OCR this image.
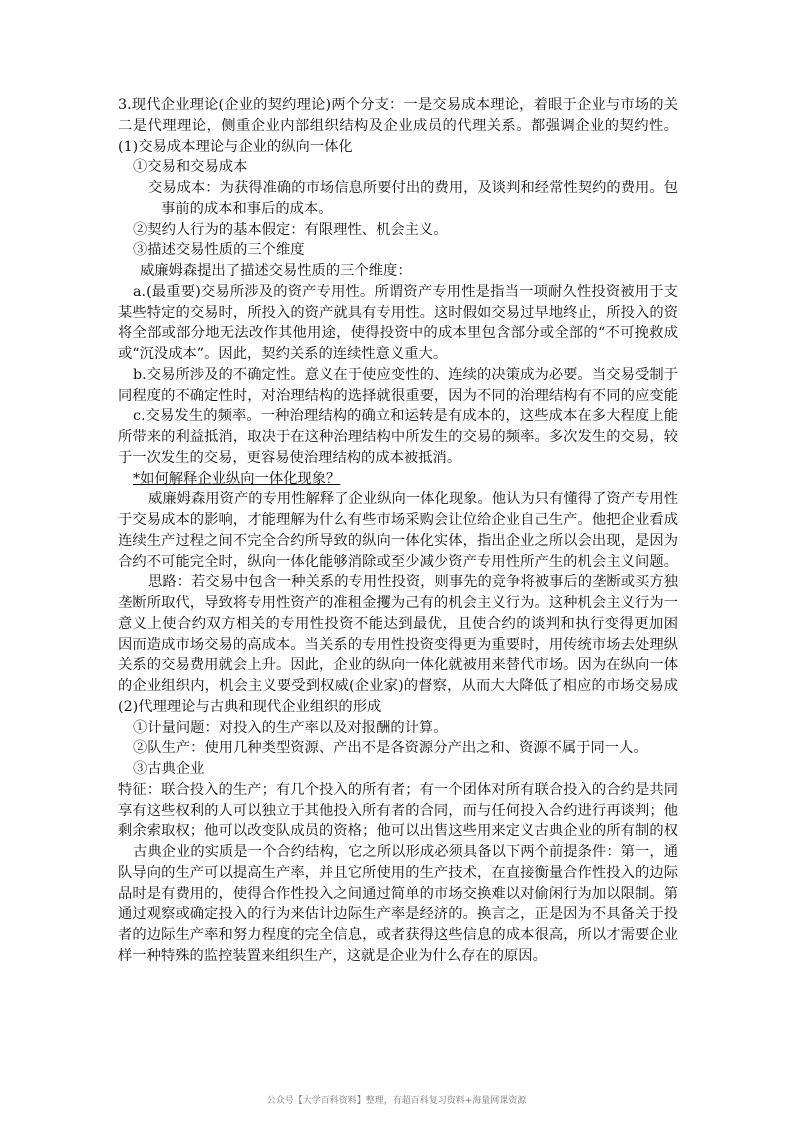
3.现代企业理论(企业的契约理论)两个分支：一是交易成本理论，着眼于企业与市场的关
二是代理理论，侧重企业内部组织结构及企业成员的代理关系。都强调企业的契约性。
(1)交易成本理论与企业的纵向一体化
①交易和交易成本
交易成本：为获得准确的市场信息所要付出的费用，及谈判和经常性契约的费用。包
事前的成本和事后的成本。
②契约人行为的基本假定：有限理性、机会主义。
③描述交易性质的三个维度
威廉姆森提出了描述交易性质的三个维度：
a.(最重要)交易所涉及的资产专用性。所谓资产专用性是指当一项耐久性投资被用于支
某些特定的交易时，所投入的资产就具有专用性。这时假如交易过早地终止，所投入的资
将全部或部分地无法改作其他用途，使得投资中的成本里包含部分或全部的“不可挽救成
或“沉没成本”。因此，契约关系的连续性意义重大。
b.交易所涉及的不确定性。意义在于使应变性的、连续的决策成为必要。当交易受制于
同程度的不确定性时，对治理结构的选择就很重要，因为不同的治理结构有不同的应变能
c.交易发生的频率。一种治理结构的确立和运转是有成本的，这些成本在多大程度上能
所带来的利益抵消，取决于在这种治理结构中所发生的交易的频率。多次发生的交易，较
于一次发生的交易，更容易使治理结构的成本被抵消。
*如何解释企业纵向一体化现象？
威廉姆森用资产的专用性解释了企业纵向一体化现象。他认为只有懂得了资产专用性
于交易成本的影响，才能理解为什么有些市场采购会让位给企业自己生产。他把企业看成
连续生产过程之间不完全合约所导致的纵向一体化实体，指出企业之所以会出现，是因为
合约不可能完全时，纵向一体化能够消除或至少减少资产专用性所产生的机会主义问题。
思路：若交易中包含一种关系的专用性投资，则事先的竞争将被事后的垄断或买方独
垄断所取代，导致将专用性资产的准租金攫为己有的机会主义行为。这种机会主义行为一
意义上使合约双方相关的专用性投资不能达到最优，且使合约的谈判和执行变得更加困
因而造成市场交易的高成本。当关系的专用性投资变得更为重要时，用传统市场去处理纵
关系的交易费用就会上升。因此，企业的纵向一体化就被用来替代市场。因为在纵向一体
的企业组织内，机会主义要受到权威(企业家)的督察，从而大大降低了相应的市场交易成
(2)代理理论与古典和现代企业组织的形成
①计量问题：对投入的生产率以及对报酬的计算。
②队生产：使用几种类型资源、产出不是各资源分产出之和、资源不属于同一人。
③古典企业
特征：联合投入的生产；有几个投入的所有者；有一个团体对所有联合投入的合约是共同
享有这些权利的人可以独立于其他投入所有者的合同，而与任何投入合约进行再谈判；他
剩余索取权；他可以改变队成员的资格；他可以出售这些用来定义古典企业的所有制的权
古典企业的实质是一个合约结构，它之所以形成必须具备以下两个前提条件：第一，通
队导向的生产可以提高生产率，并且它所使用的生产技术，在直接衡量合作性投入的边际
品时是有费用的，使得合作性投入之间通过简单的市场交换难以对偷闲行为加以限制。第
通过观察或确定投入的行为来估计边际生产率是经济的。换言之，正是因为不具备关于投
者的边际生产率和努力程度的完全信息，或者获得这些信息的成本很高，所以才需要企业
样一种特殊的监控装置来组织生产，这就是企业为什么存在的原因。
公众号【大学百科资料】整理，有超百科复习资料+海量网课资源
